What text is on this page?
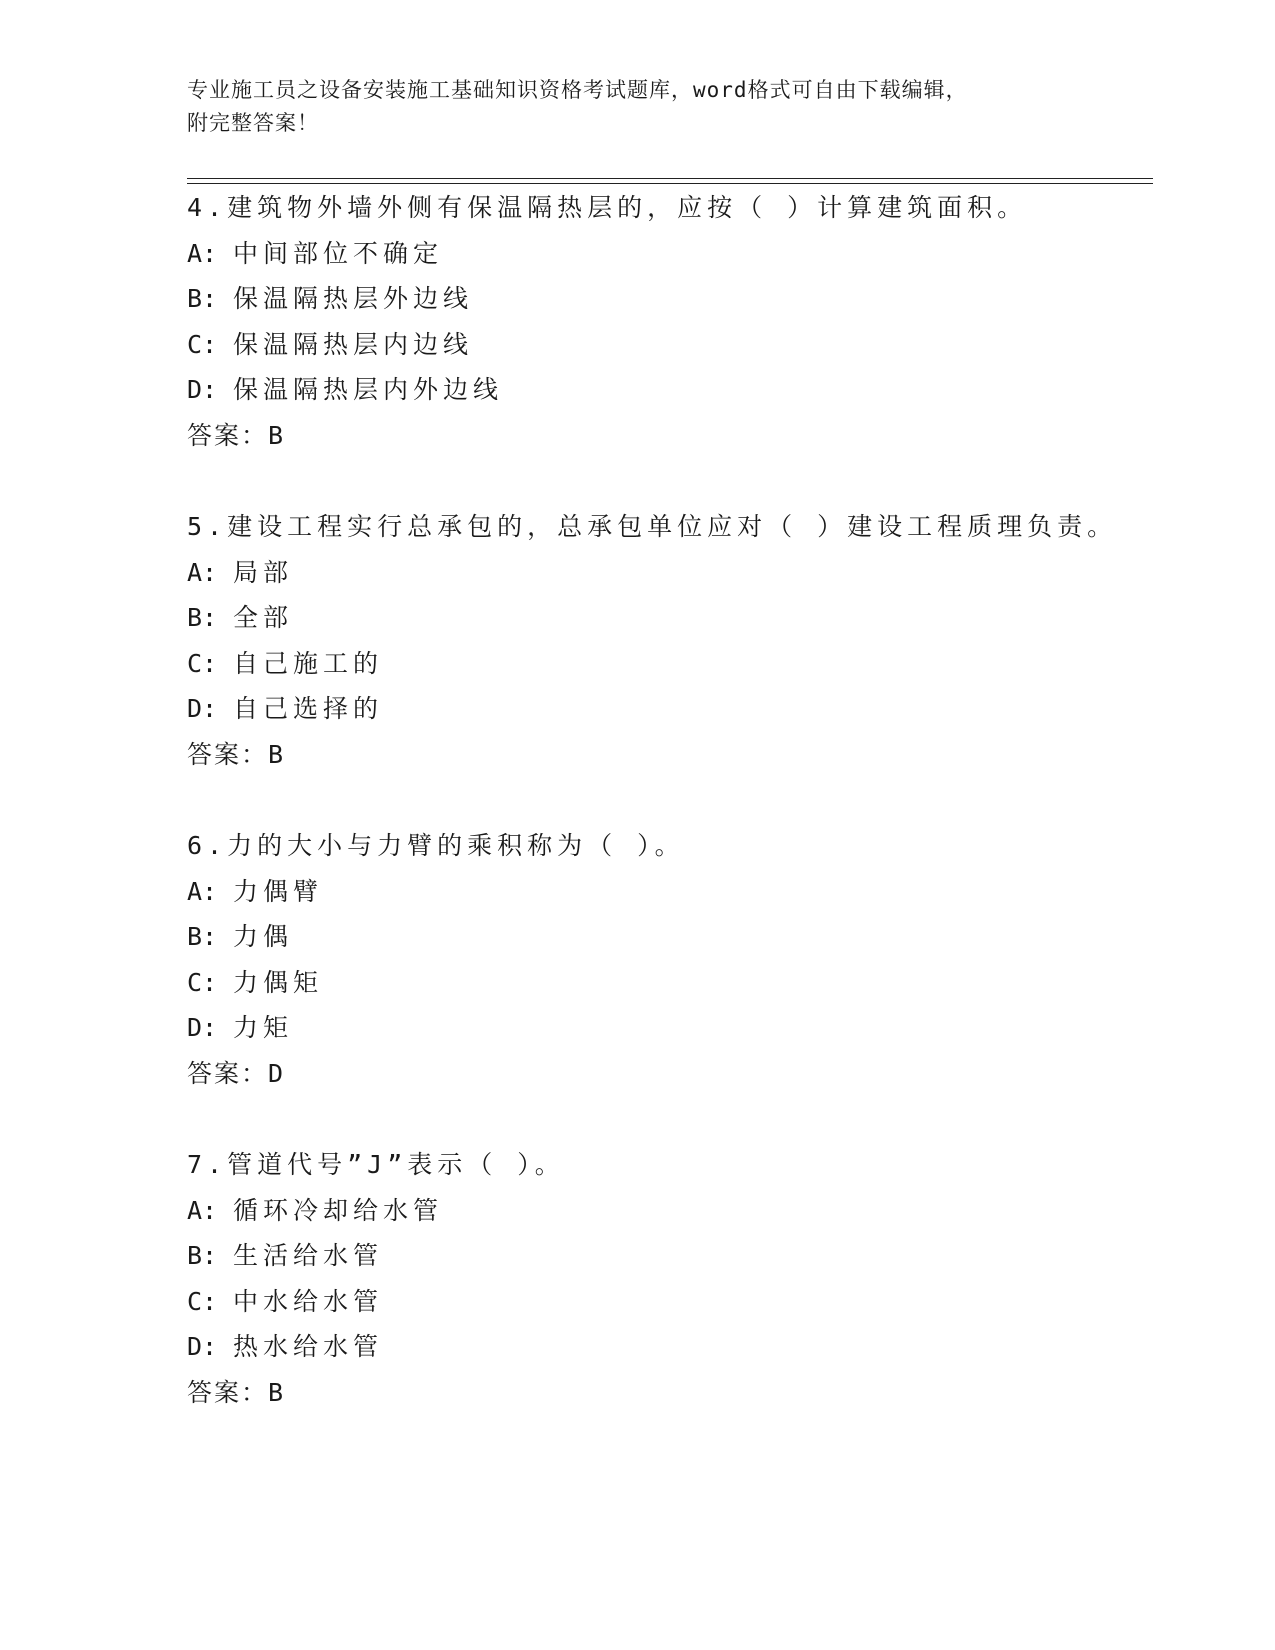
专业施工员之设备安装施工基础知识资格考试题库，word格式可自由下载编辑，
附完整答案！
4.建筑物外墙外侧有保温隔热层的，应按（ ）计算建筑面积。
A: 中间部位不确定
B: 保温隔热层外边线
C: 保温隔热层内边线
D: 保温隔热层内外边线
答案：B
5.建设工程实行总承包的，总承包单位应对（ ）建设工程质理负责。
A: 局部
B: 全部
C: 自己施工的
D: 自己选择的
答案：B
6.力的大小与力臂的乘积称为（ ）。
A: 力偶臂
B: 力偶
C: 力偶矩
D: 力矩
答案：D
7.管道代号”J”表示（ ）。
A: 循环冷却给水管
B: 生活给水管
C: 中水给水管
D: 热水给水管
答案：B
